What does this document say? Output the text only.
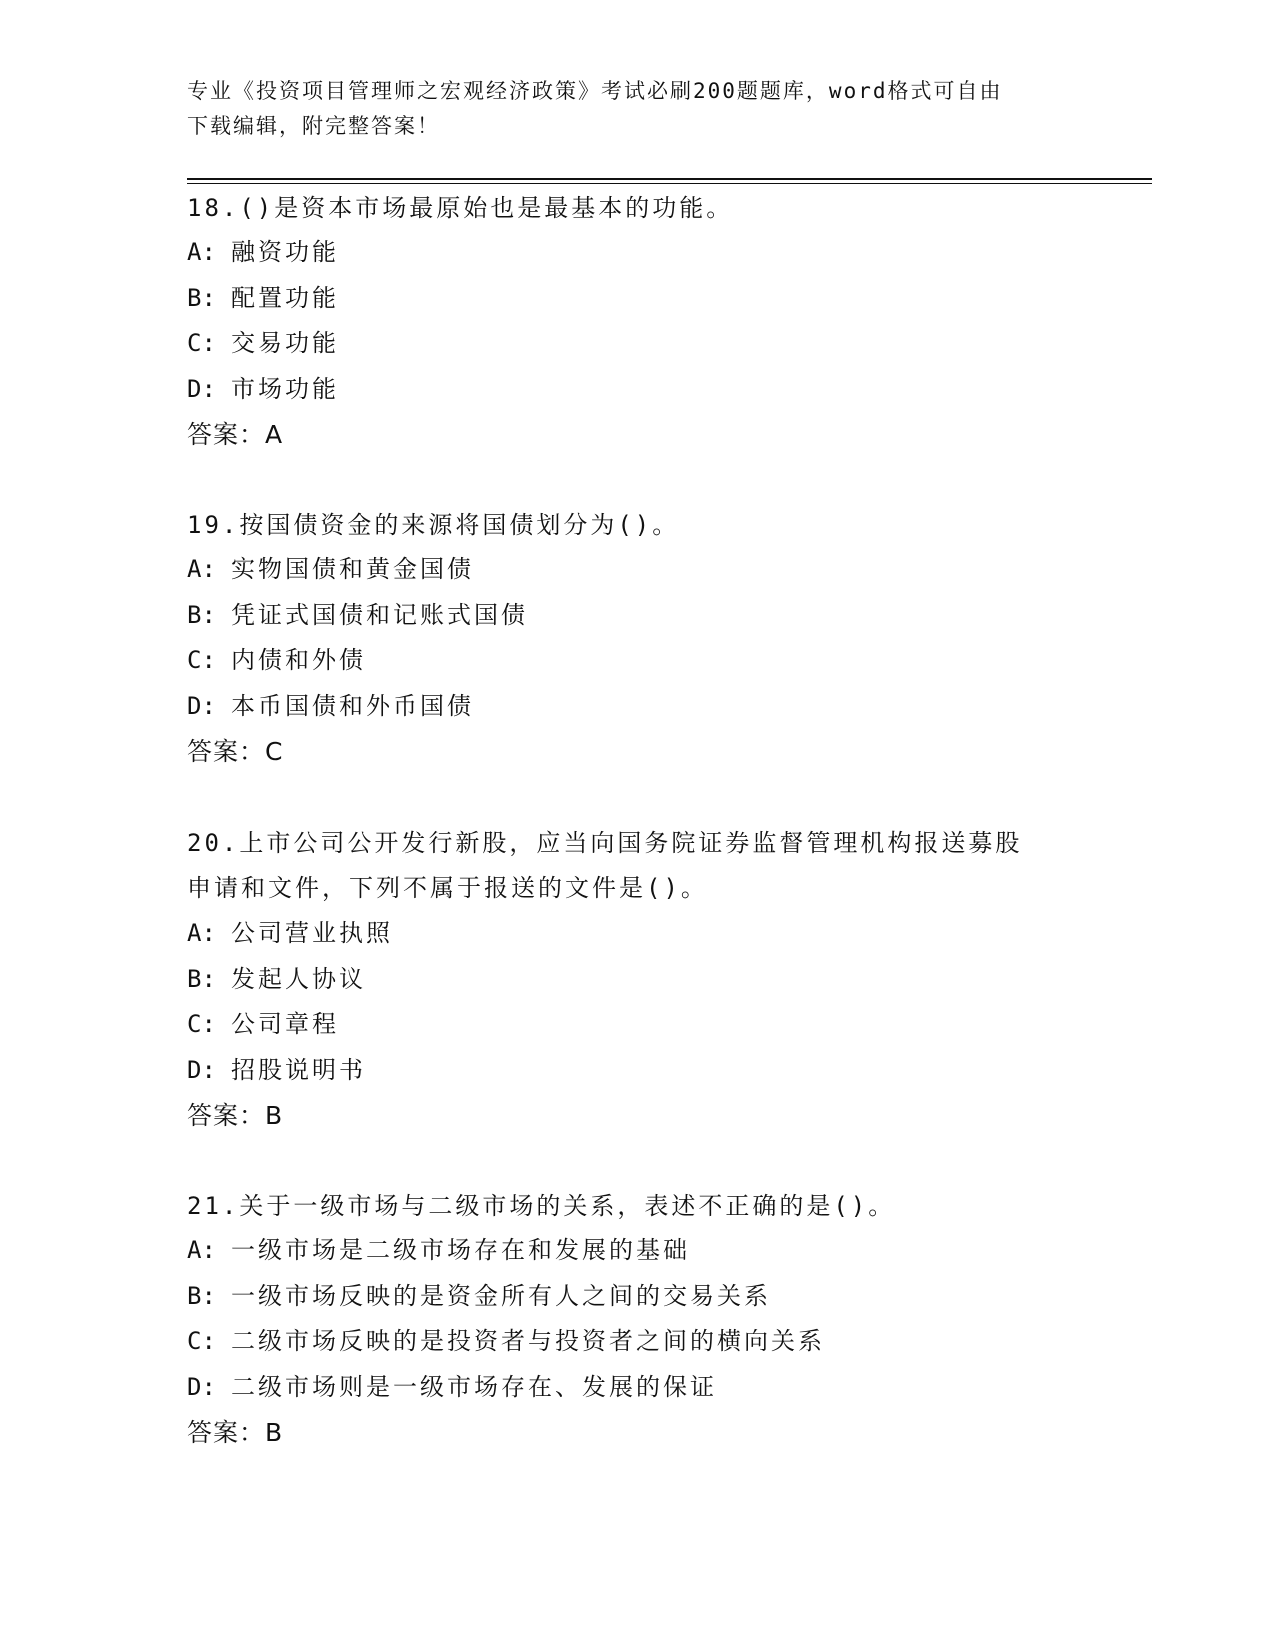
专业《投资项目管理师之宏观经济政策》考试必刷200题题库，word格式可自由
下载编辑，附完整答案！
18.()是资本市场最原始也是最基本的功能。
A: 融资功能
B: 配置功能
C: 交易功能
D: 市场功能
答案：A
19.按国债资金的来源将国债划分为()。
A: 实物国债和黄金国债
B: 凭证式国债和记账式国债
C: 内债和外债
D: 本币国债和外币国债
答案：C
20.上市公司公开发行新股，应当向国务院证券监督管理机构报送募股
申请和文件，下列不属于报送的文件是()。
A: 公司营业执照
B: 发起人协议
C: 公司章程
D: 招股说明书
答案：B
21.关于一级市场与二级市场的关系，表述不正确的是()。
A: 一级市场是二级市场存在和发展的基础
B: 一级市场反映的是资金所有人之间的交易关系
C: 二级市场反映的是投资者与投资者之间的横向关系
D: 二级市场则是一级市场存在、发展的保证
答案：B
